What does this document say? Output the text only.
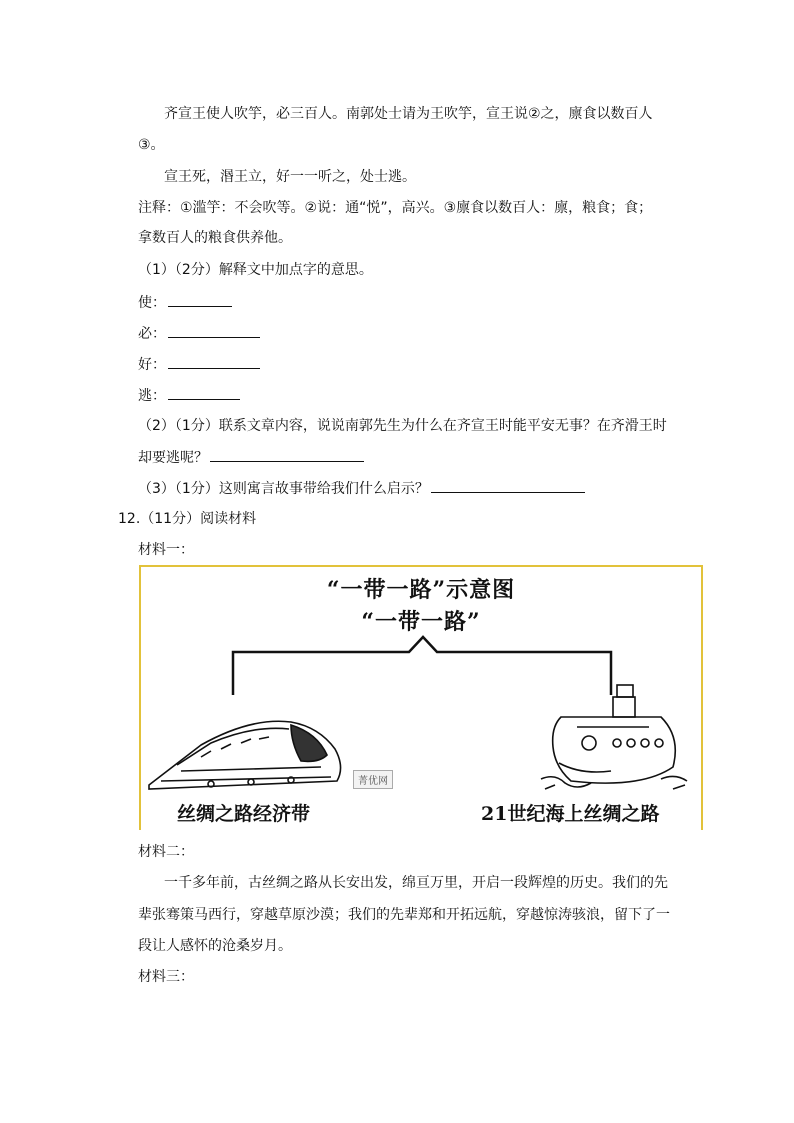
齐宣王使人吹竽，必三百人。南郭处士请为王吹竽，宣王说②之，廪食以数百人
③。
宣王死，湣王立，好一一听之，处士逃。
注释：①滥竽：不会吹等。②说：通“悦”，高兴。③廪食以数百人：廪，粮食；食；
拿数百人的粮食供养他。
（1）（2分）解释文中加点字的意思。
使：
必：
好：
逃：
（2）（1分）联系文章内容，说说南郭先生为什么在齐宣王时能平安无事？在齐滑王时
却要逃呢？
（3）（1分）这则寓言故事带给我们什么启示？
12.（11分）阅读材料
材料一：
“一带一路”示意图
“一带一路”
菁优网
丝绸之路经济带	21世纪海上丝绸之路
材料二：
一千多年前，古丝绸之路从长安出发，绵亘万里，开启一段辉煌的历史。我们的先
辈张骞策马西行，穿越草原沙漠；我们的先辈郑和开拓远航，穿越惊涛骇浪，留下了一
段让人感怀的沧桑岁月。
材料三：
